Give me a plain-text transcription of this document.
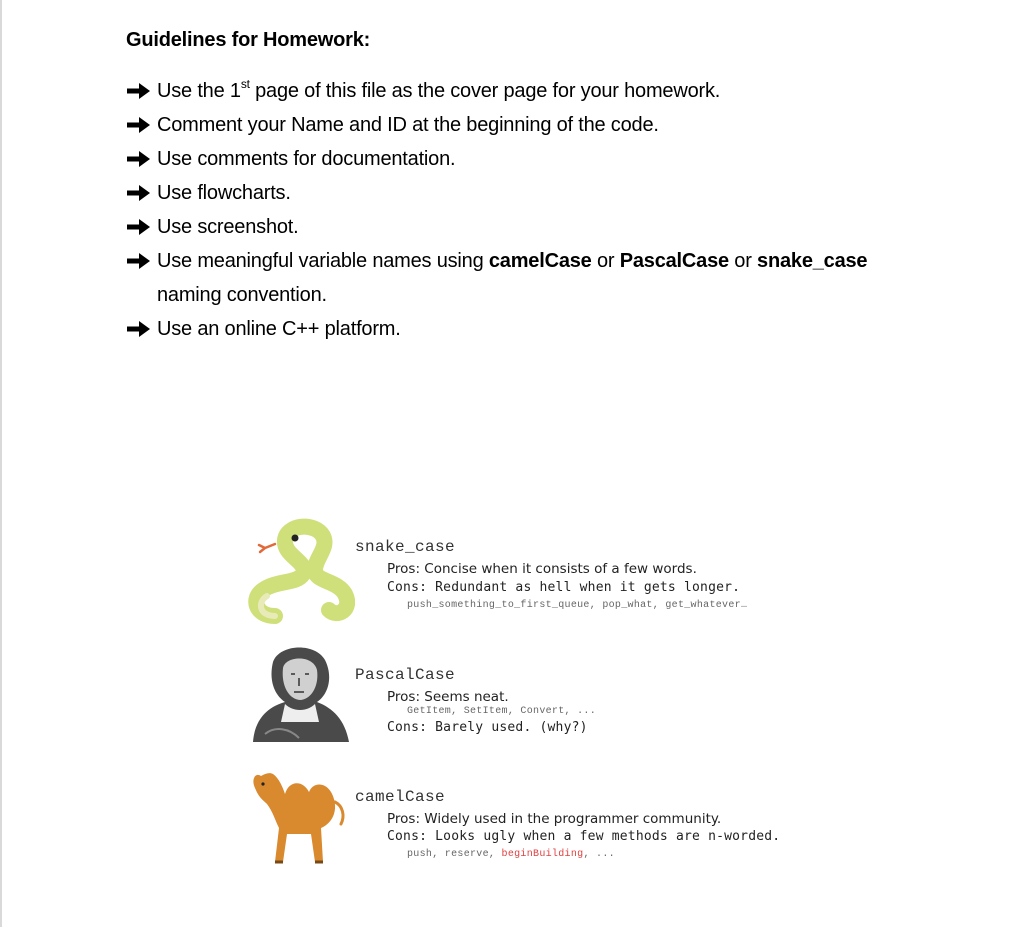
Guidelines for Homework:
Use the 1st page of this file as the cover page for your homework.
Comment your Name and ID at the beginning of the code.
Use comments for documentation.
Use flowcharts.
Use screenshot.
Use meaningful variable names using camelCase or PascalCase or snake_case
naming convention.
Use an online C++ platform.
snake_case
Pros: Concise when it consists of a few words.
Cons: Redundant as hell when it gets longer.
push_something_to_first_queue, pop_what, get_whatever…
PascalCase
Pros: Seems neat.
GetItem, SetItem, Convert, ...
Cons: Barely used. (why?)
camelCase
Pros: Widely used in the programmer community.
Cons: Looks ugly when a few methods are n-worded.
push, reserve, beginBuilding, ...
